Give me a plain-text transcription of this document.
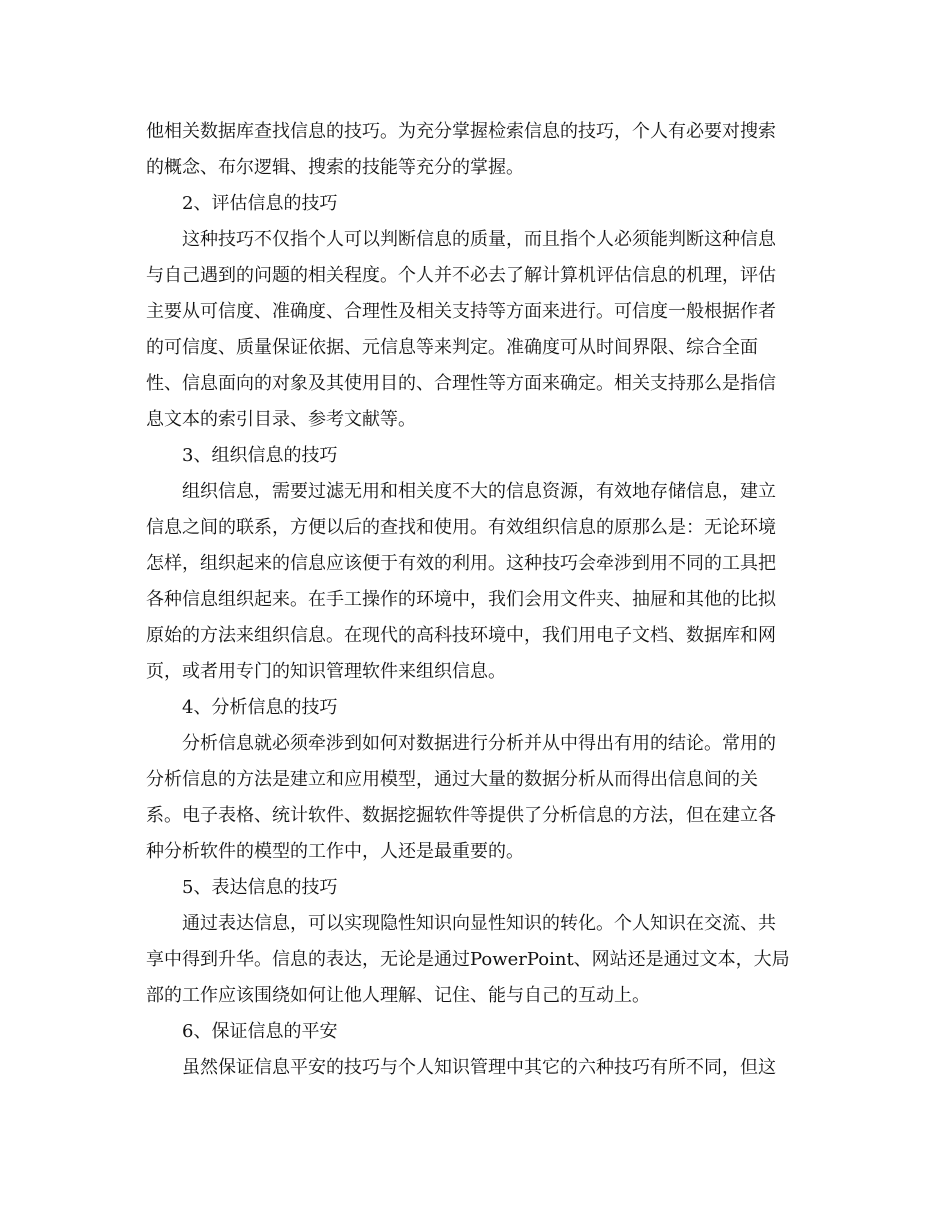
他相关数据库查找信息的技巧。为充分掌握检索信息的技巧，个人有必要对搜索
的概念、布尔逻辑、搜索的技能等充分的掌握。
2、评估信息的技巧
这种技巧不仅指个人可以判断信息的质量，而且指个人必须能判断这种信息
与自己遇到的问题的相关程度。个人并不必去了解计算机评估信息的机理，评估
主要从可信度、准确度、合理性及相关支持等方面来进行。可信度一般根据作者
的可信度、质量保证依据、元信息等来判定。准确度可从时间界限、综合全面
性、信息面向的对象及其使用目的、合理性等方面来确定。相关支持那么是指信
息文本的索引目录、参考文献等。
3、组织信息的技巧
组织信息，需要过滤无用和相关度不大的信息资源，有效地存储信息，建立
信息之间的联系，方便以后的查找和使用。有效组织信息的原那么是：无论环境
怎样，组织起来的信息应该便于有效的利用。这种技巧会牵涉到用不同的工具把
各种信息组织起来。在手工操作的环境中，我们会用文件夹、抽屉和其他的比拟
原始的方法来组织信息。在现代的高科技环境中，我们用电子文档、数据库和网
页，或者用专门的知识管理软件来组织信息。
4、分析信息的技巧
分析信息就必须牵涉到如何对数据进行分析并从中得出有用的结论。常用的
分析信息的方法是建立和应用模型，通过大量的数据分析从而得出信息间的关
系。电子表格、统计软件、数据挖掘软件等提供了分析信息的方法，但在建立各
种分析软件的模型的工作中，人还是最重要的。
5、表达信息的技巧
通过表达信息，可以实现隐性知识向显性知识的转化。个人知识在交流、共
享中得到升华。信息的表达，无论是通过PowerPoint、网站还是通过文本，大局
部的工作应该围绕如何让他人理解、记住、能与自己的互动上。
6、保证信息的平安
虽然保证信息平安的技巧与个人知识管理中其它的六种技巧有所不同，但这
